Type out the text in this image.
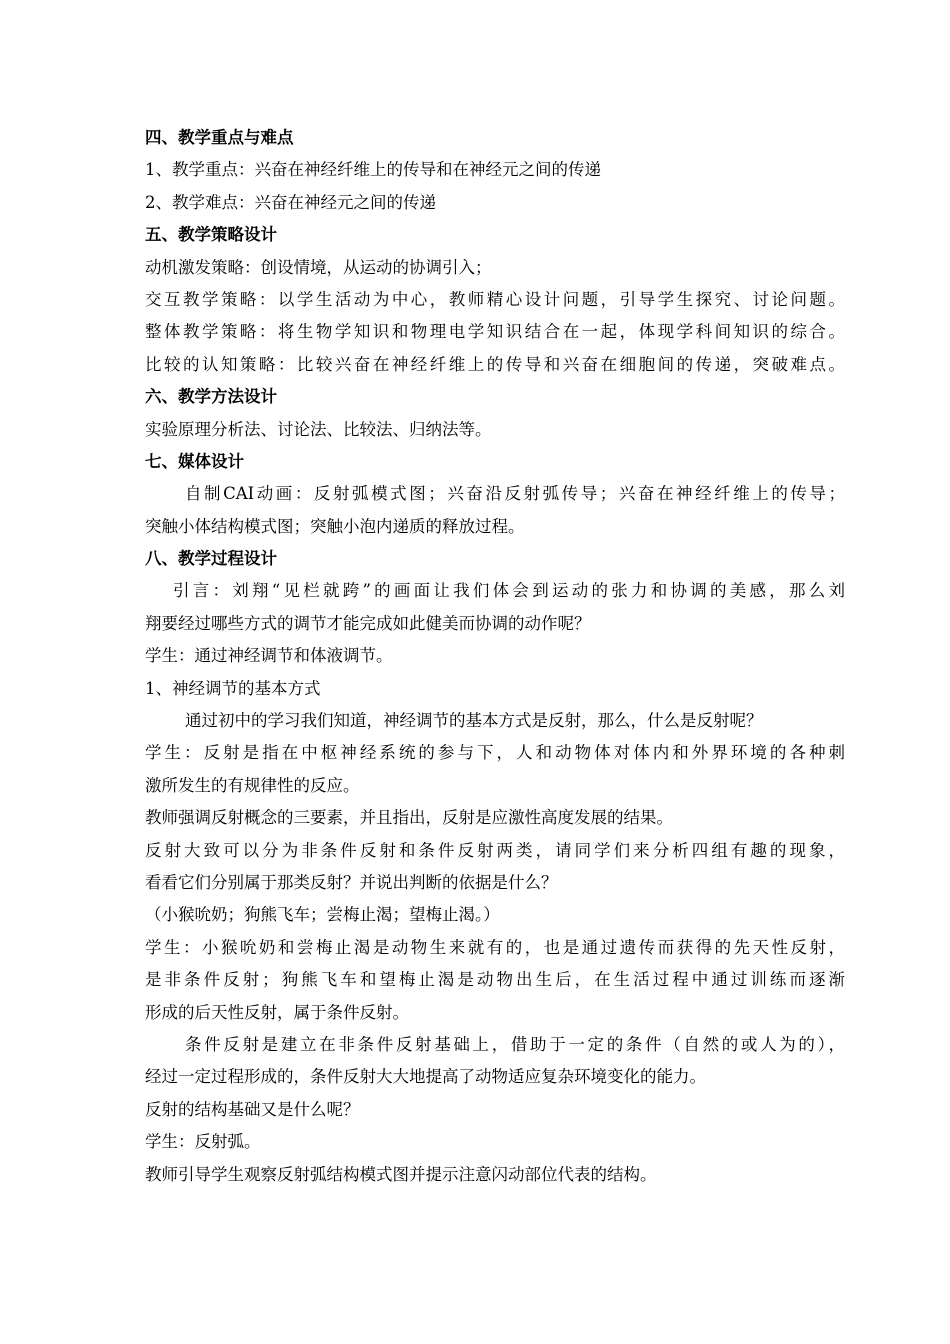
四、教学重点与难点
1、教学重点：兴奋在神经纤维上的传导和在神经元之间的传递
2、教学难点：兴奋在神经元之间的传递
五、教学策略设计
动机激发策略：创设情境，从运动的协调引入；
交互教学策略：以学生活动为中心，教师精心设计问题，引导学生探究、讨论问题。
整体教学策略：将生物学知识和物理电学知识结合在一起，体现学科间知识的综合。
比较的认知策略：比较兴奋在神经纤维上的传导和兴奋在细胞间的传递，突破难点。
六、教学方法设计
实验原理分析法、讨论法、比较法、归纳法等。
七、媒体设计
自制CAI动画：反射弧模式图；兴奋沿反射弧传导；兴奋在神经纤维上的传导；
突触小体结构模式图；突触小泡内递质的释放过程。
八、教学过程设计
引言：刘翔“见栏就跨”的画面让我们体会到运动的张力和协调的美感，那么刘
翔要经过哪些方式的调节才能完成如此健美而协调的动作呢？
学生：通过神经调节和体液调节。
1、神经调节的基本方式
通过初中的学习我们知道，神经调节的基本方式是反射，那么，什么是反射呢？
学生：反射是指在中枢神经系统的参与下，人和动物体对体内和外界环境的各种刺
激所发生的有规律性的反应。
教师强调反射概念的三要素，并且指出，反射是应激性高度发展的结果。
反射大致可以分为非条件反射和条件反射两类，请同学们来分析四组有趣的现象，
看看它们分别属于那类反射？并说出判断的依据是什么？
（小猴吮奶；狗熊飞车；尝梅止渴；望梅止渴。）
学生：小猴吮奶和尝梅止渴是动物生来就有的，也是通过遗传而获得的先天性反射，
是非条件反射；狗熊飞车和望梅止渴是动物出生后，在生活过程中通过训练而逐渐
形成的后天性反射，属于条件反射。
条件反射是建立在非条件反射基础上，借助于一定的条件（自然的或人为的），
经过一定过程形成的，条件反射大大地提高了动物适应复杂环境变化的能力。
反射的结构基础又是什么呢？
学生：反射弧。
教师引导学生观察反射弧结构模式图并提示注意闪动部位代表的结构。
